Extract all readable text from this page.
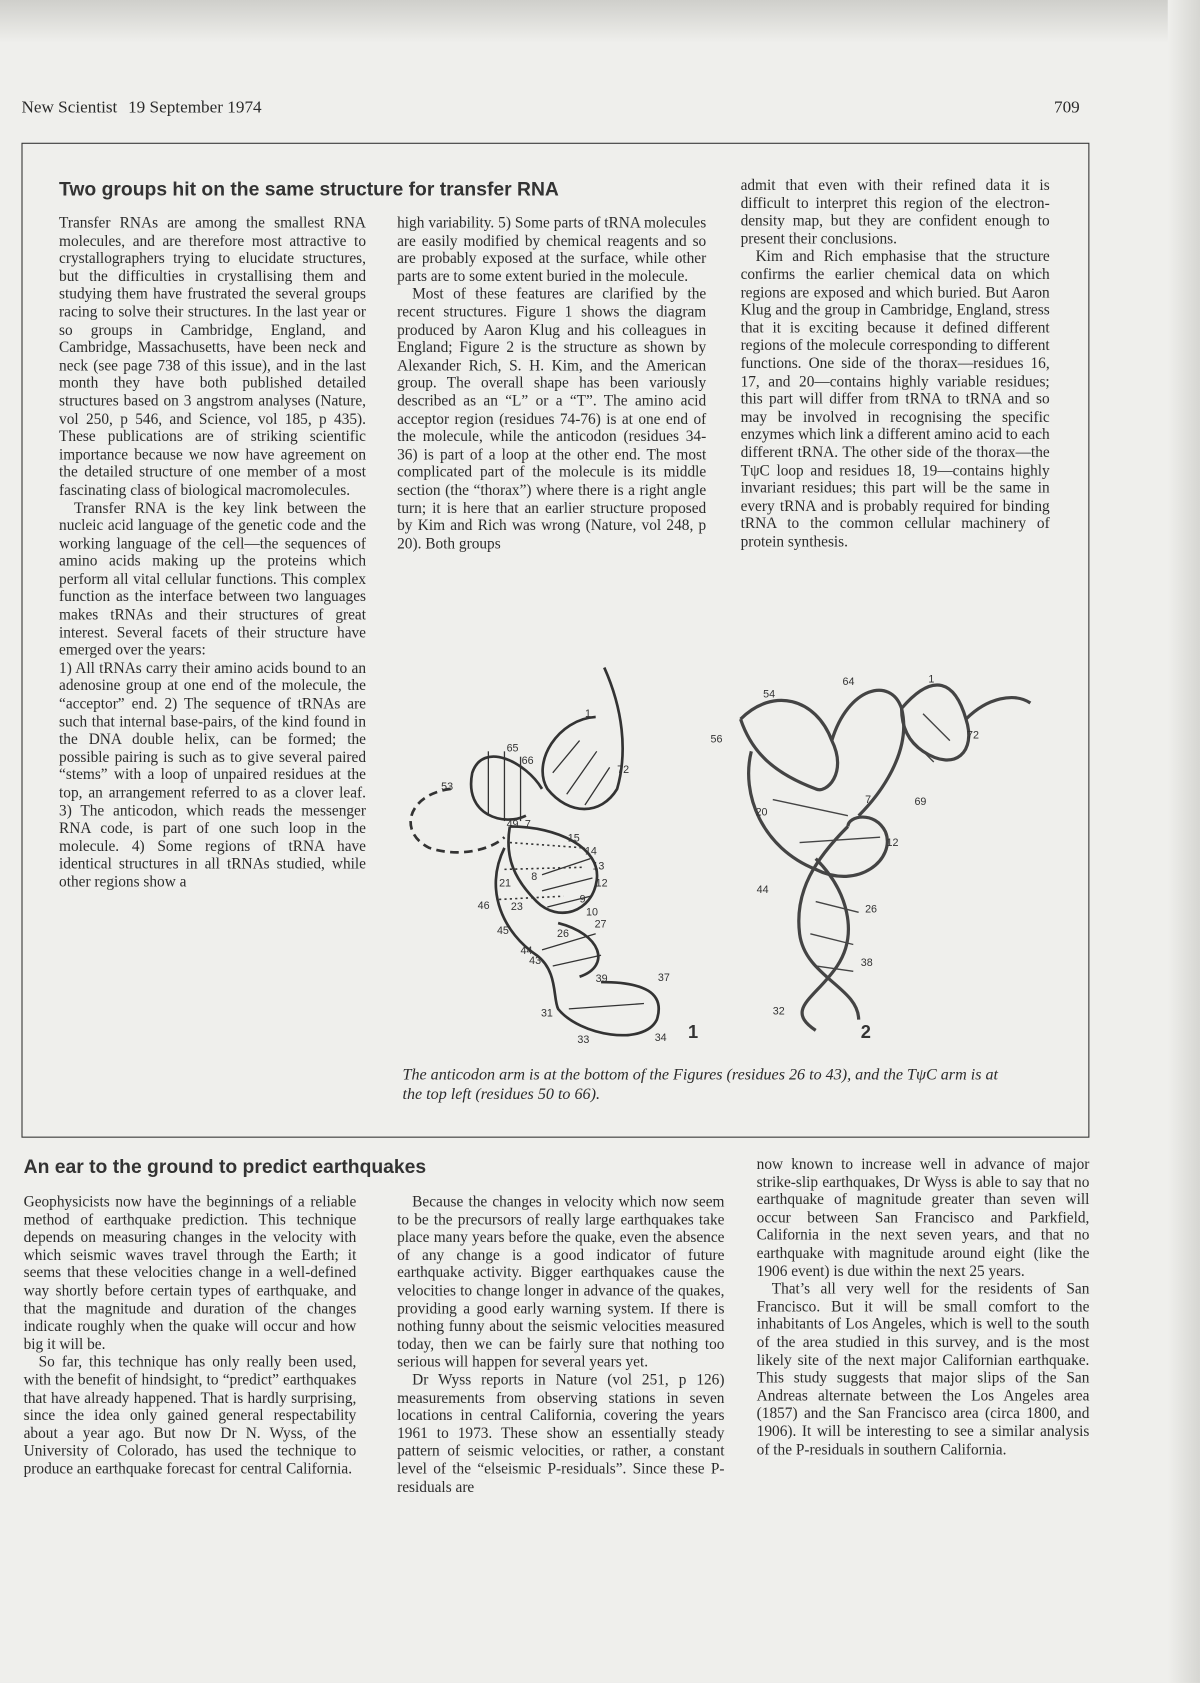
New Scientist 19 September 1974	709
Two groups hit on the same structure for transfer RNA

Transfer RNAs are among the smallest RNA molecules, and are therefore most attractive to crystallographers trying to elucidate structures, but the difficulties in crystallising them and studying them have frustrated the several groups racing to solve their structures. In the last year or so groups in Cambridge, England, and Cambridge, Massachusetts, have been neck and neck (see page 738 of this issue), and in the last month they have both published detailed structures based on 3 angstrom analyses (Nature, vol 250, p 546, and Science, vol 185, p 435). These publications are of striking scientific importance because we now have agreement on the detailed structure of one member of a most fascinating class of biological macromolecules.

Transfer RNA is the key link between the nucleic acid language of the genetic code and the working language of the cell—the sequences of amino acids making up the proteins which perform all vital cellular functions. This complex function as the interface between two languages makes tRNAs and their structures of great interest. Several facets of their structure have emerged over the years:

1) All tRNAs carry their amino acids bound to an adenosine group at one end of the molecule, the “acceptor” end. 2) The sequence of tRNAs are such that internal base-pairs, of the kind found in the DNA double helix, can be formed; the possible pairing is such as to give several paired “stems” with a loop of unpaired residues at the top, an arrangement referred to as a clover leaf. 3) The anticodon, which reads the messenger RNA code, is part of one such loop in the molecule. 4) Some regions of tRNA have identical structures in all tRNAs studied, while other regions show a

high variability. 5) Some parts of tRNA molecules are easily modified by chemical reagents and so are probably exposed at the surface, while other parts are to some extent buried in the molecule.

Most of these features are clarified by the recent structures. Figure 1 shows the diagram produced by Aaron Klug and his colleagues in England; Figure 2 is the structure as shown by Alexander Rich, S. H. Kim, and the American group. The overall shape has been variously described as an “L” or a “T”. The amino acid acceptor region (residues 74-76) is at one end of the molecule, while the anticodon (residues 34-36) is part of a loop at the other end. The most complicated part of the molecule is its middle section (the “thorax”) where there is a right angle turn; it is here that an earlier structure proposed by Kim and Rich was wrong (Nature, vol 248, p 20). Both groups

admit that even with their refined data it is difficult to interpret this region of the electron-density map, but they are confident enough to present their conclusions.

Kim and Rich emphasise that the structure confirms the earlier chemical data on which regions are exposed and which buried. But Aaron Klug and the group in Cambridge, England, stress that it is exciting because it defined different regions of the molecule corresponding to different functions. One side of the thorax—residues 16, 17, and 20—contains highly variable residues; this part will differ from tRNA to tRNA and so may be involved in recognising the specific enzymes which link a different amino acid to each different tRNA. The other side of the thorax—the TψC loop and residues 18, 19—contains highly invariant residues; this part will be the same in every tRNA and is probably required for binding tRNA to the common cellular machinery of protein synthesis.

1
72
65
66
53
49 7
15
14
13
12
8
21
9
46 23	10
27
45	26
44
43
39	37
31
33	34 1
54
64	1
56	72
20
7	69
12
44
26
38
32
2
The anticodon arm is at the bottom of the Figures (residues 26 to 43), and the TψC arm is at the top left (residues 50 to 66).
An ear to the ground to predict earthquakes

Geophysicists now have the beginnings of a reliable method of earthquake prediction. This technique depends on measuring changes in the velocity with which seismic waves travel through the Earth; it seems that these velocities change in a well-defined way shortly before certain types of earthquake, and that the magnitude and duration of the changes indicate roughly when the quake will occur and how big it will be.

So far, this technique has only really been used, with the benefit of hindsight, to “predict” earthquakes that have already happened. That is hardly surprising, since the idea only gained general respectability about a year ago. But now Dr N. Wyss, of the University of Colorado, has used the technique to produce an earthquake forecast for central California.

Because the changes in velocity which now seem to be the precursors of really large earthquakes take place many years before the quake, even the absence of any change is a good indicator of future earthquake activity. Bigger earthquakes cause the velocities to change longer in advance of the quakes, providing a good early warning system. If there is nothing funny about the seismic velocities measured today, then we can be fairly sure that nothing too serious will happen for several years yet.

Dr Wyss reports in Nature (vol 251, p 126) measurements from observing stations in seven locations in central California, covering the years 1961 to 1973. These show an essentially steady pattern of seismic velocities, or rather, a constant level of the “elseismic P-residuals”. Since these P-residuals are

now known to increase well in advance of major strike-slip earthquakes, Dr Wyss is able to say that no earthquake of magnitude greater than seven will occur between San Francisco and Parkfield, California in the next seven years, and that no earthquake with magnitude around eight (like the 1906 event) is due within the next 25 years.

That’s all very well for the residents of San Francisco. But it will be small comfort to the inhabitants of Los Angeles, which is well to the south of the area studied in this survey, and is the most likely site of the next major Californian earthquake. This study suggests that major slips of the San Andreas alternate between the Los Angeles area (1857) and the San Francisco area (circa 1800, and 1906). It will be interesting to see a similar analysis of the P-residuals in southern California.
